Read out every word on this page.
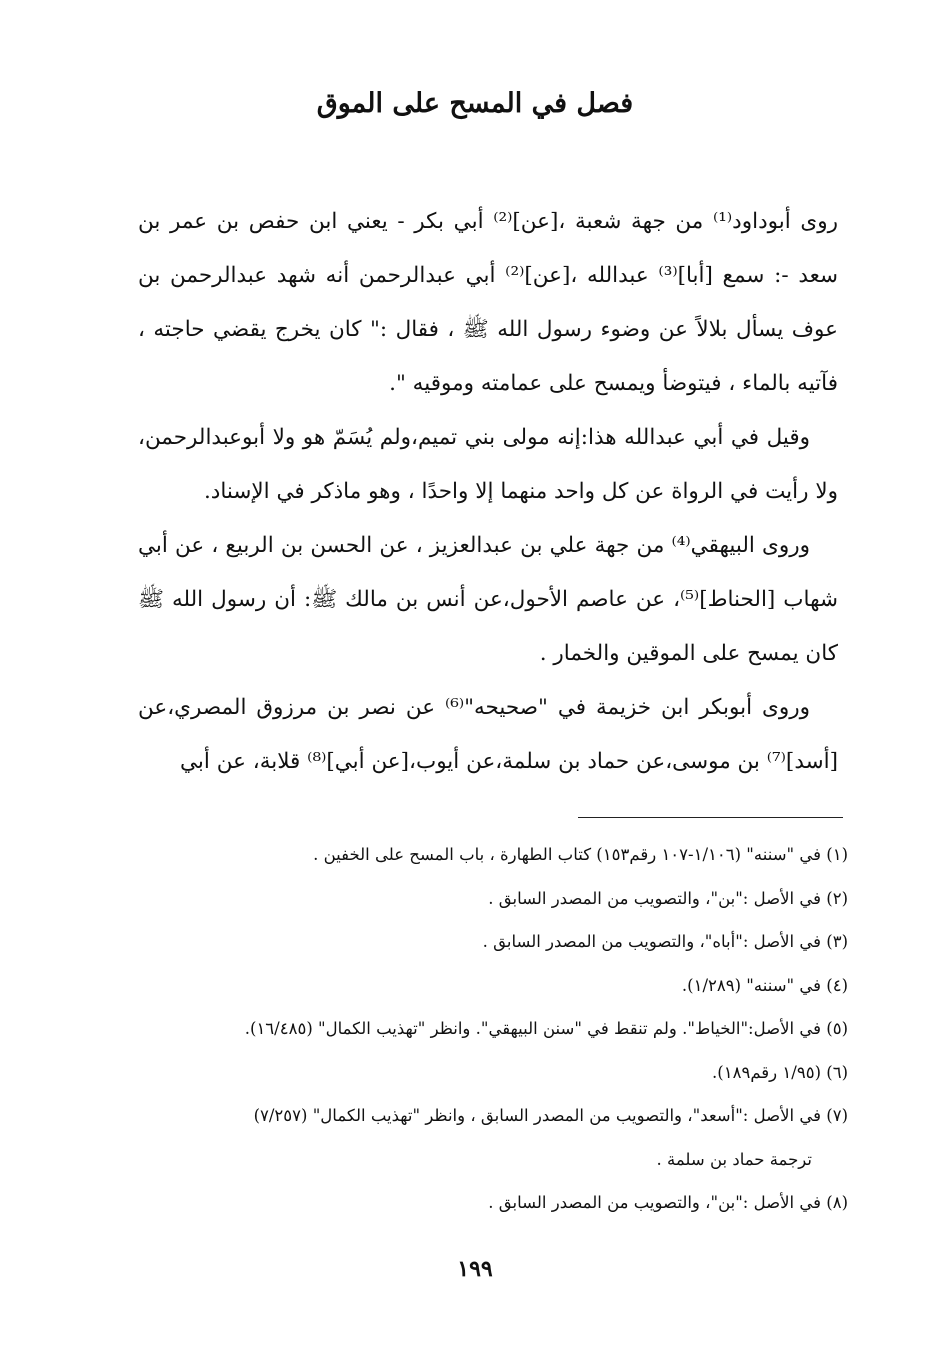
فصل في المسح على الموق

روى أبوداود⁽¹⁾ من جهة شعبة ،[عن]⁽²⁾ أبي بكر - يعني ابن حفص بن عمر بن سعد -: سمع [أبا]⁽³⁾ عبدالله ،[عن]⁽²⁾ أبي عبدالرحمن أنه شهد عبدالرحمن بن عوف يسأل بلالاً عن وضوء رسول الله ﷺ ، فقال :" كان يخرج يقضي حاجته ، فآتيه بالماء ، فيتوضأ ويمسح على عمامته وموقيه ".

وقيل في أبي عبدالله هذا:إنه مولى بني تميم،ولم يُسَمّ هو ولا أبوعبدالرحمن، ولا رأيت في الرواة عن كل واحد منهما إلا واحدًا ، وهو ماذكر في الإسناد.

وروى البيهقي⁽⁴⁾ من جهة علي بن عبدالعزيز ، عن الحسن بن الربيع ، عن أبي شهاب [الحناط]⁽⁵⁾، عن عاصم الأحول،عن أنس بن مالك ﷺ: أن رسول الله ﷺ كان يمسح على الموقين والخمار .

وروى أبوبكر ابن خزيمة في "صحيحه"⁽⁶⁾ عن نصر بن مرزوق المصري،عن [أسد]⁽⁷⁾ بن موسى،عن حماد بن سلمة،عن أيوب،[عن أبي]⁽⁸⁾ قلابة، عن أبي

(١) في "سننه" (١/١٠٦-١٠٧ رقم١٥٣) كتاب الطهارة ، باب المسح على الخفين .

(٢) في الأصل :"بن"، والتصويب من المصدر السابق .

(٣) في الأصل :"أباه"، والتصويب من المصدر السابق .

(٤) في "سننه" (١/٢٨٩).

(٥) في الأصل:"الخياط". ولم تنقط في "سنن البيهقي". وانظر "تهذيب الكمال" (١٦/٤٨٥).

(٦) (١/٩٥ رقم١٨٩).

(٧) في الأصل :"أسعد"، والتصويب من المصدر السابق ، وانظر "تهذيب الكمال" (٧/٢٥٧)

ترجمة حماد بن سلمة .

(٨) في الأصل :"بن"، والتصويب من المصدر السابق .

١٩٩
